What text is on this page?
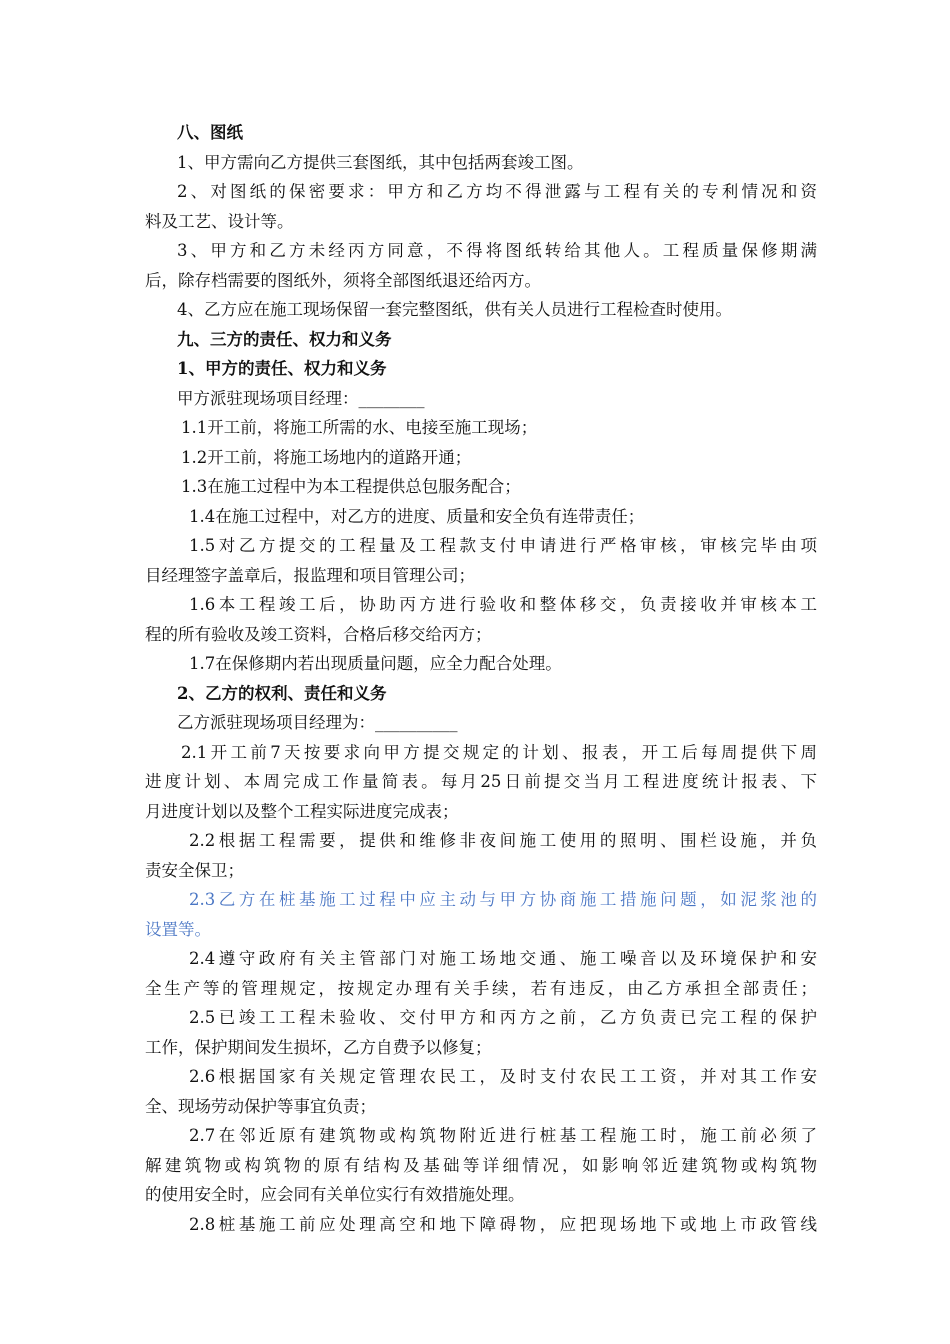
八、图纸
1、甲方需向乙方提供三套图纸，其中包括两套竣工图。
2、对图纸的保密要求：甲方和乙方均不得泄露与工程有关的专利情况和资
料及工艺、设计等。
3、甲方和乙方未经丙方同意，不得将图纸转给其他人。工程质量保修期满
后，除存档需要的图纸外，须将全部图纸退还给丙方。
4、乙方应在施工现场保留一套完整图纸，供有关人员进行工程检查时使用。
九、三方的责任、权力和义务
1、甲方的责任、权力和义务
甲方派驻现场项目经理：________
1.1开工前，将施工所需的水、电接至施工现场；
1.2开工前，将施工场地内的道路开通；
1.3在施工过程中为本工程提供总包服务配合；
1.4在施工过程中，对乙方的进度、质量和安全负有连带责任；
1.5对乙方提交的工程量及工程款支付申请进行严格审核，审核完毕由项
目经理签字盖章后，报监理和项目管理公司；
1.6本工程竣工后，协助丙方进行验收和整体移交，负责接收并审核本工
程的所有验收及竣工资料，合格后移交给丙方；
1.7在保修期内若出现质量问题，应全力配合处理。
2、乙方的权利、责任和义务
乙方派驻现场项目经理为：__________
2.1开工前7天按要求向甲方提交规定的计划、报表，开工后每周提供下周
进度计划、本周完成工作量简表。每月25日前提交当月工程进度统计报表、下
月进度计划以及整个工程实际进度完成表；
2.2根据工程需要，提供和维修非夜间施工使用的照明、围栏设施，并负
责安全保卫；
2.3乙方在桩基施工过程中应主动与甲方协商施工措施问题，如泥浆池的
设置等。
2.4遵守政府有关主管部门对施工场地交通、施工噪音以及环境保护和安
全生产等的管理规定，按规定办理有关手续，若有违反，由乙方承担全部责任；
2.5已竣工工程未验收、交付甲方和丙方之前，乙方负责已完工程的保护
工作，保护期间发生损坏，乙方自费予以修复；
2.6根据国家有关规定管理农民工，及时支付农民工工资，并对其工作安
全、现场劳动保护等事宜负责；
2.7在邻近原有建筑物或构筑物附近进行桩基工程施工时，施工前必须了
解建筑物或构筑物的原有结构及基础等详细情况，如影响邻近建筑物或构筑物
的使用安全时，应会同有关单位实行有效措施处理。
2.8桩基施工前应处理高空和地下障碍物，应把现场地下或地上市政管线
